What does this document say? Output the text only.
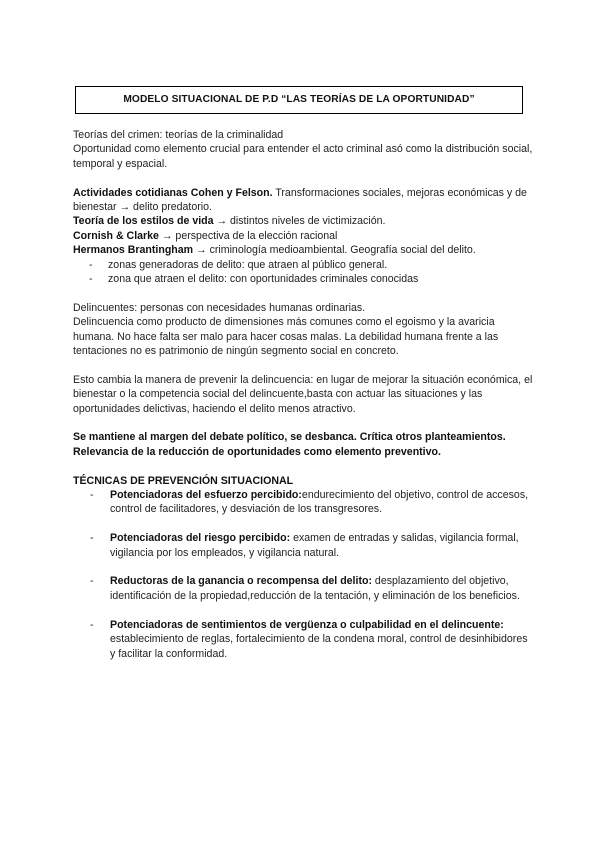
MODELO SITUACIONAL DE P.D “LAS TEORÍAS DE LA OPORTUNIDAD”

Teorías del crimen: teorías de la criminalidad

Oportunidad como elemento crucial para entender el acto criminal asó como la distribución social, temporal y espacial.

Actividades cotidianas Cohen y Felson. Transformaciones sociales, mejoras económicas y de bienestar → delito predatorio.

Teoría de los estilos de vida → distintos niveles de victimización.

Cornish & Clarke → perspectiva de la elección racional

Hermanos Brantingham → criminología medioambiental. Geografía social del delito.

- zonas generadoras de delito: que atraen al público general.
- zona que atraen el delito: con oportunidades criminales conocidas

Delincuentes: personas con necesidades humanas ordinarias.

Delincuencia como producto de dimensiones más comunes como el egoismo y la avaricia humana. No hace falta ser malo para hacer cosas malas. La debilidad humana frente a las tentaciones no es patrimonio de ningún segmento social en concreto.

Esto cambia la manera de prevenir la delincuencia: en lugar de mejorar la situación económica, el bienestar o la competencia social del delincuente,basta con actuar las situaciones y las oportunidades delictivas, haciendo el delito menos atractivo.

Se mantiene al margen del debate político, se desbanca. Crítica otros planteamientos.

Relevancia de la reducción de oportunidades como elemento preventivo.

TÉCNICAS DE PREVENCIÓN SITUACIONAL

- Potenciadoras del esfuerzo percibido:endurecimiento del objetivo, control de accesos, control de facilitadores, y desviación de los transgresores.
- Potenciadoras del riesgo percibido: examen de entradas y salidas, vigilancia formal, vigilancia por los empleados, y vigilancia natural.
- Reductoras de la ganancia o recompensa del delito: desplazamiento del objetivo, identificación de la propiedad,reducción de la tentación, y eliminación de los beneficios.
- Potenciadoras de sentimientos de vergüenza o culpabilidad en el delincuente: establecimiento de reglas, fortalecimiento de la condena moral, control de desinhibidores y facilitar la conformidad.
